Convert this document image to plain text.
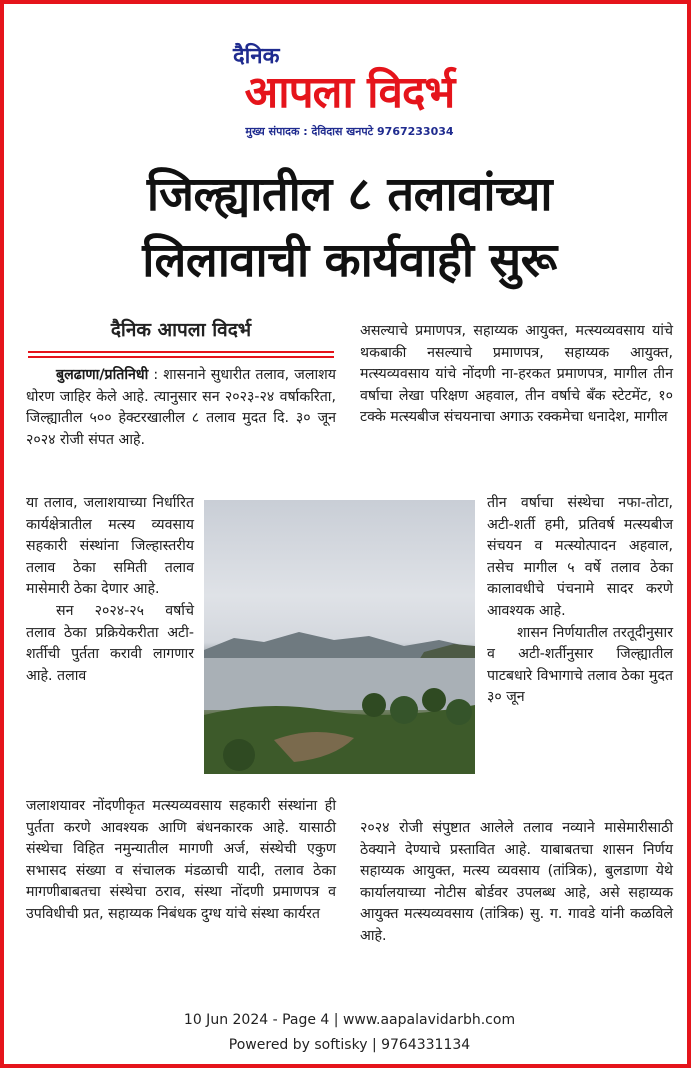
दैनिक
आपला विदर्भ
मुख्य संपादक : देविदास खनपटे 9767233034
जिल्ह्यातील ८ तलावांच्या
लिलावाची कार्यवाही सुरू
दैनिक आपला विदर्भ

बुलढाणा/प्रतिनिधी : शासनाने सुधारीत तलाव, जलाशय धोरण जाहिर केले आहे. त्यानुसार सन २०२३-२४ वर्षाकरिता, जिल्ह्यातील ५०० हेक्टरखालील ८ तलाव मुदत दि. ३० जून २०२४ रोजी संपत आहे.

या तलाव, जलाशयाच्या निर्धारित कार्यक्षेत्रातील मत्स्य व्यवसाय सहकारी संस्थांना जिल्हास्तरीय तलाव ठेका समिती तलाव मासेमारी ठेका देणार आहे.

सन २०२४-२५ वर्षाचे तलाव ठेका प्रक्रियेकरीता अटी-शर्तीची पुर्तता करावी लागणार आहे. तलाव

जलाशयावर नोंदणीकृत मत्स्यव्यवसाय सहकारी संस्थांना ही पुर्तता करणे आवश्यक आणि बंधनकारक आहे. यासाठी संस्थेचा विहित नमुन्यातील मागणी अर्ज, संस्थेची एकुण सभासद संख्या व संचालक मंडळाची यादी, तलाव ठेका मागणीबाबतचा संस्थेचा ठराव, संस्था नोंदणी प्रमाणपत्र व उपविधीची प्रत, सहाय्यक निबंधक दुग्ध यांचे संस्था कार्यरत

असल्याचे प्रमाणपत्र, सहाय्यक आयुक्त, मत्स्यव्यवसाय यांचे थकबाकी नसल्याचे प्रमाणपत्र, सहाय्यक आयुक्त, मत्स्यव्यवसाय यांचे नोंदणी ना-हरकत प्रमाणपत्र, मागील तीन वर्षाचा लेखा परिक्षण अहवाल, तीन वर्षाचे बँक स्टेटमेंट, १० टक्के मत्स्यबीज संचयनाचा अगाऊ रक्कमेचा धनादेश, मागील

तीन वर्षाचा संस्थेचा नफा-तोटा, अटी-शर्ती हमी, प्रतिवर्ष मत्स्यबीज संचयन व मत्स्योत्पादन अहवाल, तसेच मागील ५ वर्षे तलाव ठेका कालावधीचे पंचनामे सादर करणे आवश्यक आहे.

शासन निर्णयातील तरतूदीनुसार व अटी-शर्तीनुसार जिल्ह्यातील पाटबधारे विभागाचे तलाव ठेका मुदत ३० जून

२०२४ रोजी संपुष्टात आलेले तलाव नव्याने मासेमारीसाठी ठेक्याने देण्याचे प्रस्तावित आहे. याबाबतचा शासन निर्णय सहाय्यक आयुक्त, मत्स्य व्यवसाय (तांत्रिक), बुलडाणा येथे कार्यालयाच्या नोटीस बोर्डवर उपलब्ध आहे, असे सहाय्यक आयुक्त मत्स्यव्यवसाय (तांत्रिक) सु. ग. गावडे यांनी कळविले आहे.

10 Jun 2024 - Page 4 | www.aapalavidarbh.com
Powered by softisky | 9764331134
